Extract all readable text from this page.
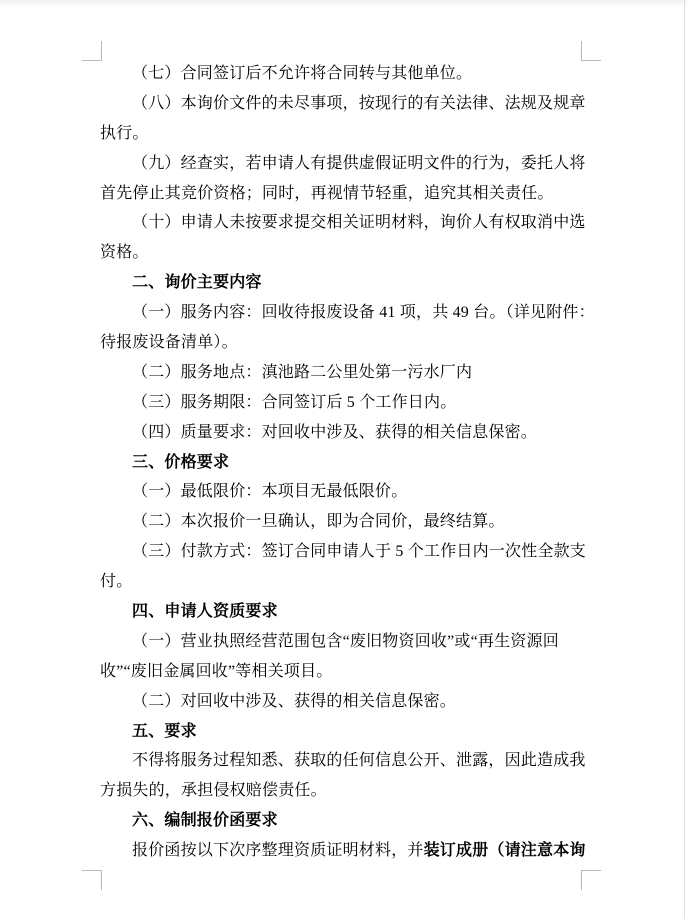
（七）合同签订后不允许将合同转与其他单位。
（八）本询价文件的未尽事项，按现行的有关法律、法规及规章
执行。
（九）经查实，若申请人有提供虚假证明文件的行为，委托人将
首先停止其竞价资格；同时，再视情节轻重，追究其相关责任。
（十）申请人未按要求提交相关证明材料，询价人有权取消中选
资格。
二、询价主要内容
（一）服务内容：回收待报废设备 41 项，共 49 台。（详见附件：
待报废设备清单）。
（二）服务地点：滇池路二公里处第一污水厂内
（三）服务期限：合同签订后 5 个工作日内。
（四）质量要求：对回收中涉及、获得的相关信息保密。
三、价格要求
（一）最低限价：本项目无最低限价。
（二）本次报价一旦确认，即为合同价，最终结算。
（三）付款方式：签订合同申请人于 5 个工作日内一次性全款支
付。
四、申请人资质要求
（一）营业执照经营范围包含“废旧物资回收”或“再生资源回
收”“废旧金属回收”等相关项目。
（二）对回收中涉及、获得的相关信息保密。
五、要求
不得将服务过程知悉、获取的任何信息公开、泄露，因此造成我
方损失的，承担侵权赔偿责任。
六、编制报价函要求
报价函按以下次序整理资质证明材料，并装订成册（请注意本询
